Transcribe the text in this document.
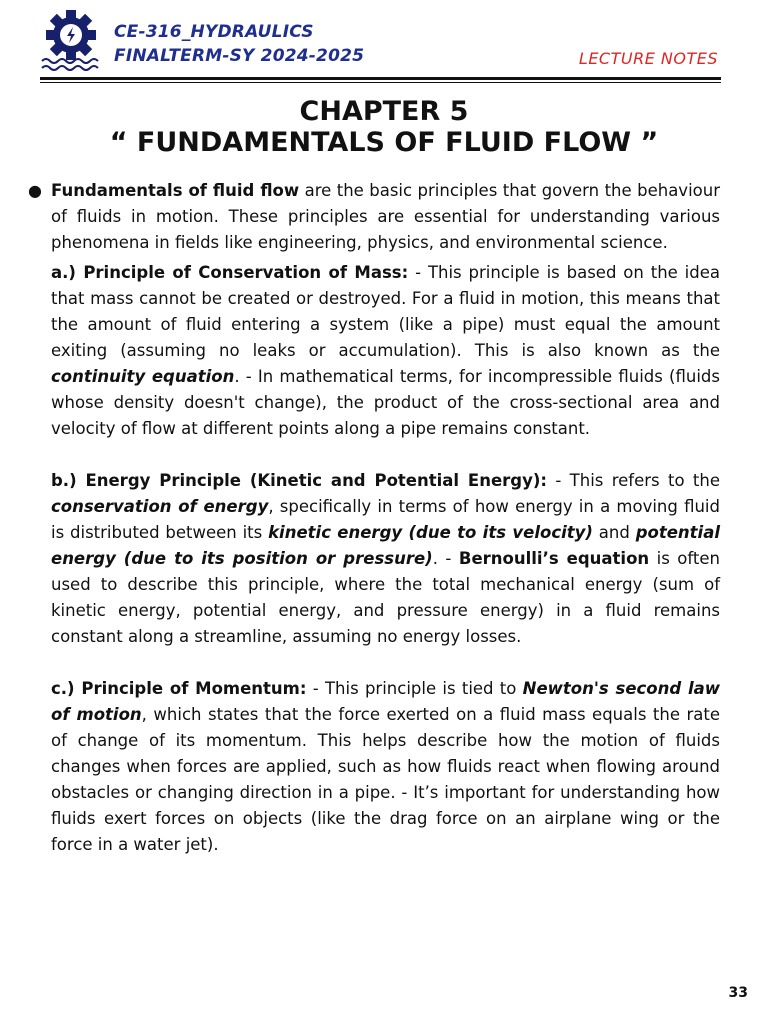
CE-316_HYDRAULICS
FINALTERM-SY 2024-2025	LECTURE NOTES
CHAPTER 5
“ FUNDAMENTALS OF FLUID FLOW ”
● Fundamentals of fluid flow are the basic principles that govern the behaviour of fluids in motion. These principles are essential for understanding various phenomena in fields like engineering, physics, and environmental science.

a.) Principle of Conservation of Mass: - This principle is based on the idea that mass cannot be created or destroyed. For a fluid in motion, this means that the amount of fluid entering a system (like a pipe) must equal the amount exiting (assuming no leaks or accumulation). This is also known as the continuity equation. - In mathematical terms, for incompressible fluids (fluids whose density doesn't change), the product of the cross-sectional area and velocity of flow at different points along a pipe remains constant.

b.) Energy Principle (Kinetic and Potential Energy): - This refers to the conservation of energy, specifically in terms of how energy in a moving fluid is distributed between its kinetic energy (due to its velocity) and potential energy (due to its position or pressure). - Bernoulli’s equation is often used to describe this principle, where the total mechanical energy (sum of kinetic energy, potential energy, and pressure energy) in a fluid remains constant along a streamline, assuming no energy losses.

c.) Principle of Momentum: - This principle is tied to Newton's second law of motion, which states that the force exerted on a fluid mass equals the rate of change of its momentum. This helps describe how the motion of fluids changes when forces are applied, such as how fluids react when flowing around obstacles or changing direction in a pipe. - It’s important for understanding how fluids exert forces on objects (like the drag force on an airplane wing or the force in a water jet).

33
